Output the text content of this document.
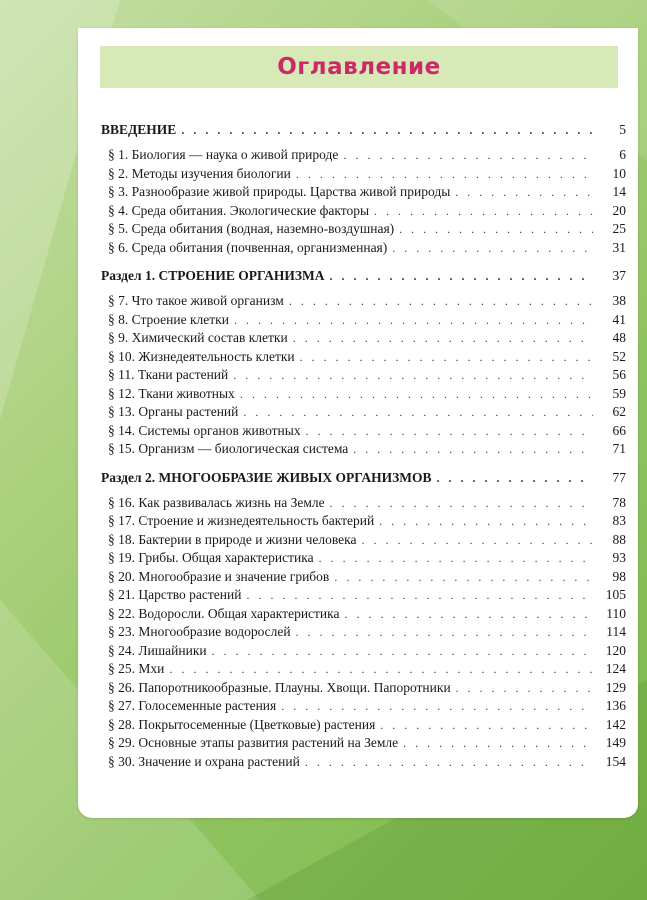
Оглавление
ВВЕДЕНИЕ . . .	5
§ 1. Биология — наука о живой природе . . .	6
§ 2. Методы изучения биологии . . .	10
§ 3. Разнообразие живой природы. Царства живой природы . . .	14
§ 4. Среда обитания. Экологические факторы . . .	20
§ 5. Среда обитания (водная, наземно-воздушная) . . .	25
§ 6. Среда обитания (почвенная, организменная) . . .	31
Раздел 1. СТРОЕНИЕ ОРГАНИЗМА . . .	37
§ 7. Что такое живой организм . . .	38
§ 8. Строение клетки . . .	41
§ 9. Химический состав клетки . . .	48
§ 10. Жизнедеятельность клетки . . .	52
§ 11. Ткани растений . . .	56
§ 12. Ткани животных . . .	59
§ 13. Органы растений . . .	62
§ 14. Системы органов животных . . .	66
§ 15. Организм — биологическая система . . .	71
Раздел 2. МНОГООБРАЗИЕ ЖИВЫХ ОРГАНИЗМОВ . . .	77
§ 16. Как развивалась жизнь на Земле . . .	78
§ 17. Строение и жизнедеятельность бактерий . . .	83
§ 18. Бактерии в природе и жизни человека . . .	88
§ 19. Грибы. Общая характеристика . . .	93
§ 20. Многообразие и значение грибов . . .	98
§ 21. Царство растений . . .	105
§ 22. Водоросли. Общая характеристика . . .	110
§ 23. Многообразие водорослей . . .	114
§ 24. Лишайники . . .	120
§ 25. Мхи . . .	124
§ 26. Папоротникообразные. Плауны. Хвощи. Папоротники . . .	129
§ 27. Голосеменные растения . . .	136
§ 28. Покрытосеменные (Цветковые) растения . . .	142
§ 29. Основные этапы развития растений на Земле . . .	149
§ 30. Значение и охрана растений . . .	154
